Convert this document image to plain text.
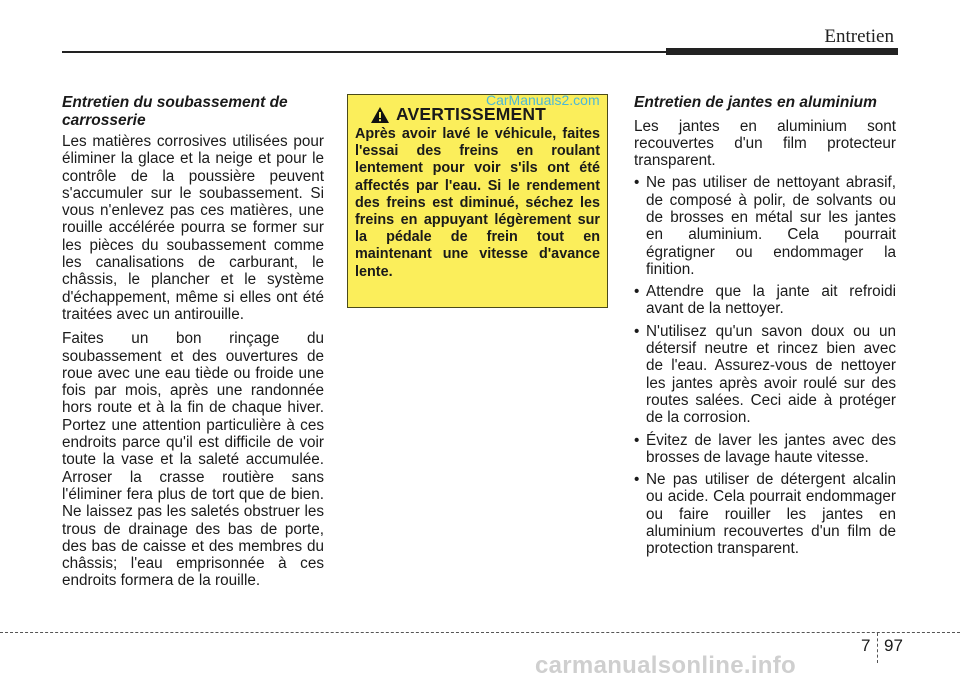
Entretien
Entretien du soubassement de carrosserie

Les matières corrosives utilisées pour éliminer la glace et la neige et pour le contrôle de la poussière peuvent s'accumuler sur le soubassement. Si vous n'enlevez pas ces matières, une rouille accélérée pourra se former sur les pièces du soubassement comme les canalisations de carburant, le châssis, le plancher et le système d'échappement, même si elles ont été traitées avec un antirouille.

Faites un bon rinçage du soubassement et des ouvertures de roue avec une eau tiède ou froide une fois par mois, après une randonnée hors route et à la fin de chaque hiver. Portez une attention particulière à ces endroits parce qu'il est difficile de voir toute la vase et la saleté accumulée. Arroser la crasse routière sans l'éliminer fera plus de tort que de bien. Ne laissez pas les saletés obstruer les trous de drainage des bas de porte, des bas de caisse et des membres du châssis; l'eau emprisonnée à ces endroits formera de la rouille.

AVERTISSEMENT

Après avoir lavé le véhicule, faites l'essai des freins en roulant lentement pour voir s'ils ont été affectés par l'eau. Si le rendement des freins est diminué, séchez les freins en appuyant légèrement sur la pédale de frein tout en maintenant une vitesse d'avance lente.

CarManuals2.com Entretien de jantes en aluminium

Les jantes en aluminium sont recouvertes d'un film protecteur transparent.

• Ne pas utiliser de nettoyant abrasif, de composé à polir, de solvants ou de brosses en métal sur les jantes en aluminium. Cela pourrait égratigner ou endommager la finition.
• Attendre que la jante ait refroidi avant de la nettoyer.
• N'utilisez qu'un savon doux ou un détersif neutre et rincez bien avec de l'eau. Assurez-vous de nettoyer les jantes après avoir roulé sur des routes salées. Ceci aide à protéger de la corrosion.
• Évitez de laver les jantes avec des brosses de lavage haute vitesse.
• Ne pas utiliser de détergent alcalin ou acide. Cela pourrait endommager ou faire rouiller les jantes en aluminium recouvertes d'un film de protection transparent.
7 97
carmanualsonline.info
